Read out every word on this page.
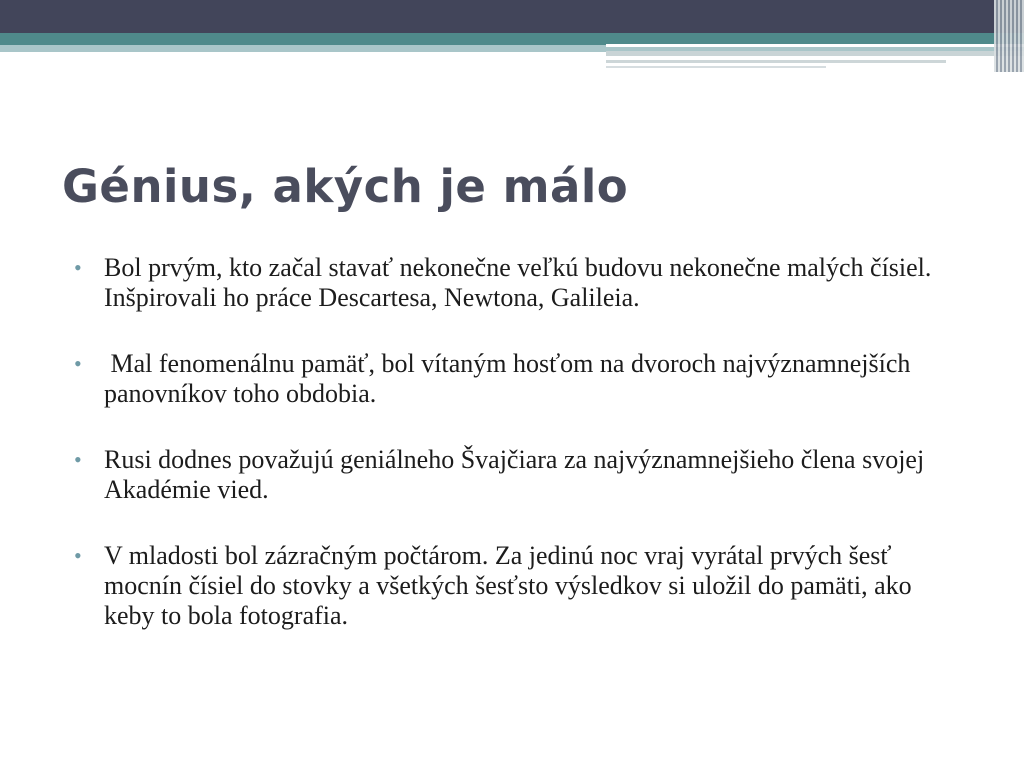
Génius, akých je málo
• Bol prvým, kto začal stavať nekonečne veľkú budovu nekonečne malých čísiel. Inšpirovali ho práce Descartesa, Newtona, Galileia.
• Mal fenomenálnu pamäť, bol vítaným hosťom na dvoroch najvýznamnejších panovníkov toho obdobia.
• Rusi dodnes považujú geniálneho Švajčiara za najvýznamnejšieho člena svojej Akadémie vied.
• V mladosti bol zázračným počtárom. Za jedinú noc vraj vyrátal prvých šesť mocnín čísiel do stovky a všetkých šesťsto výsledkov si uložil do pamäti, ako keby to bola fotografia.
